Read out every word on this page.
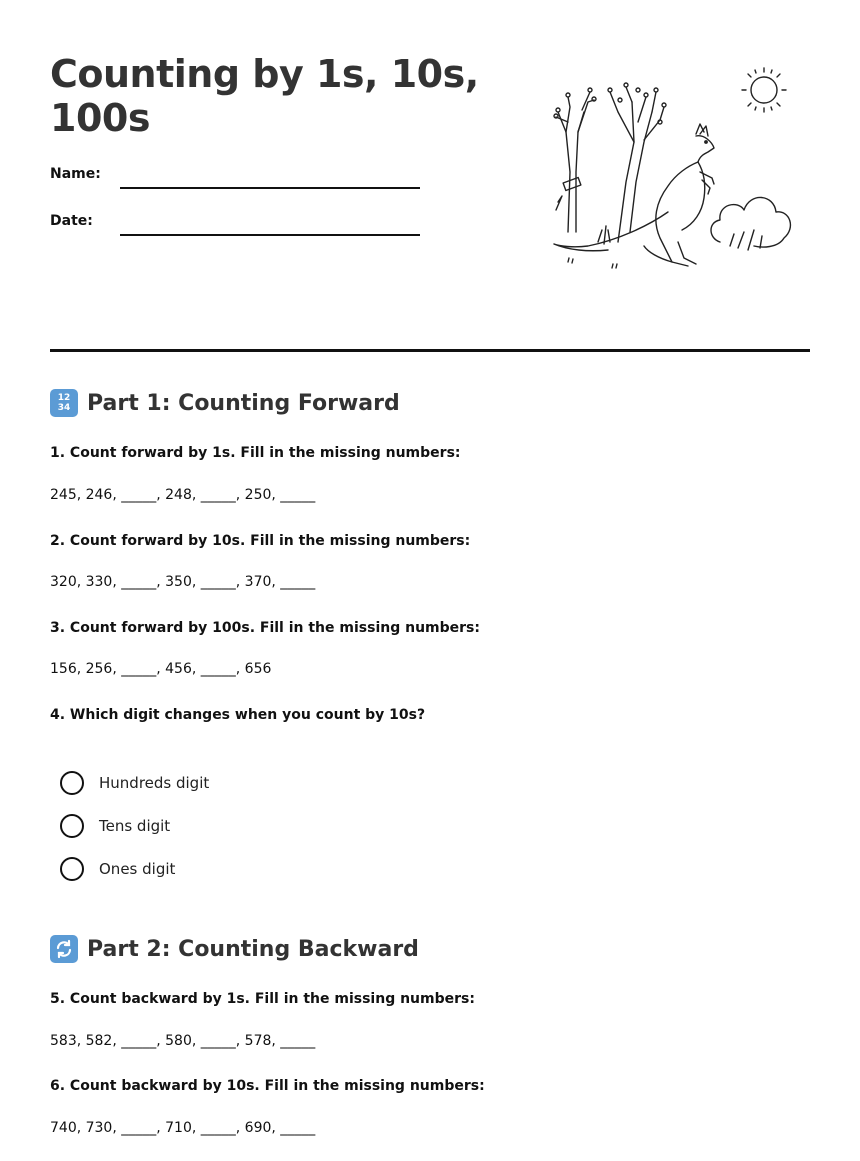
Counting by 1s, 10s, 100s
Name:
Date:
12
34 Part 1: Counting Forward
1. Count forward by 1s. Fill in the missing numbers:
245, 246, _____, 248, _____, 250, _____
2. Count forward by 10s. Fill in the missing numbers:
320, 330, _____, 350, _____, 370, _____
3. Count forward by 100s. Fill in the missing numbers:
156, 256, _____, 456, _____, 656
4. Which digit changes when you count by 10s?
Hundreds digit
Tens digit
Ones digit
Part 2: Counting Backward
5. Count backward by 1s. Fill in the missing numbers:
583, 582, _____, 580, _____, 578, _____
6. Count backward by 10s. Fill in the missing numbers:
740, 730, _____, 710, _____, 690, _____
